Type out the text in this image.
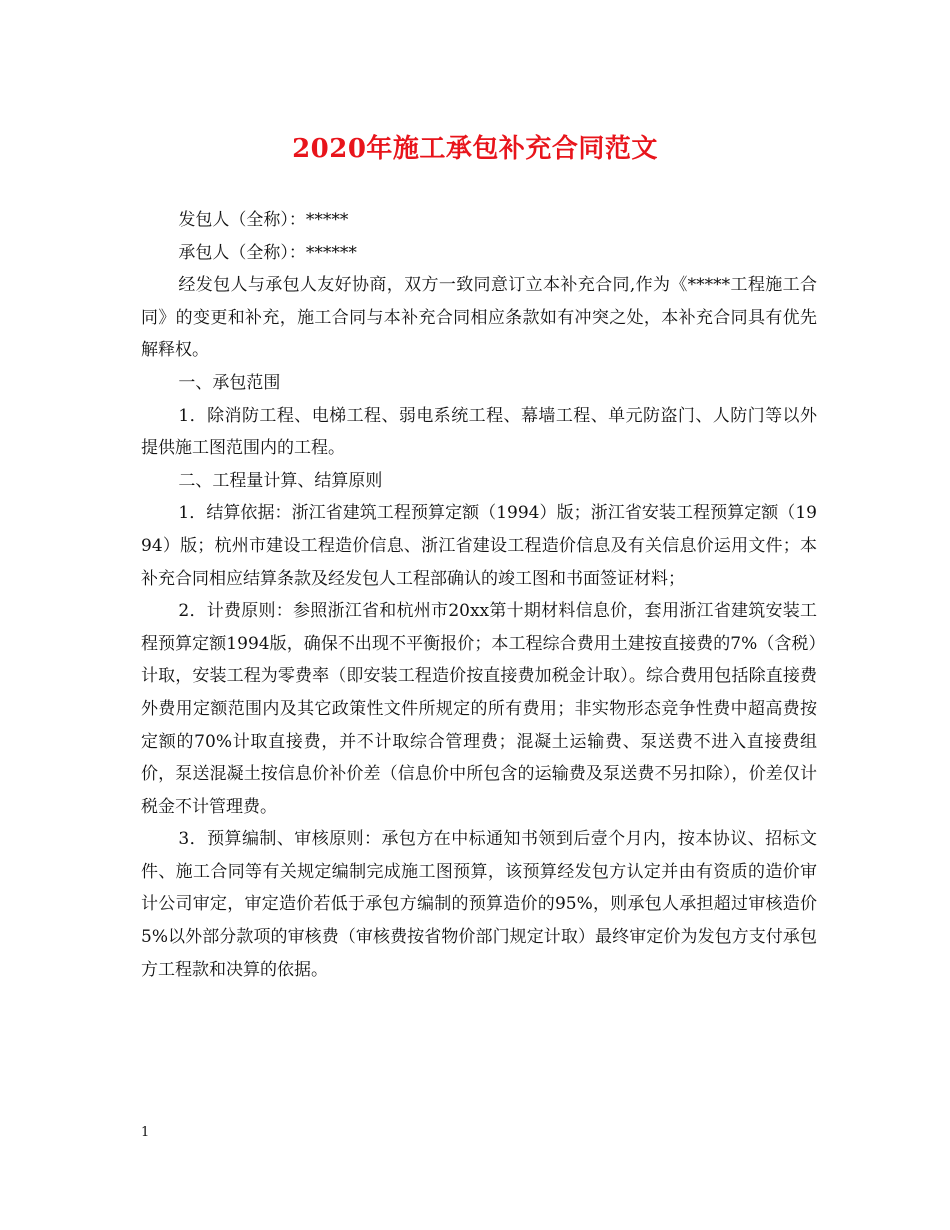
2020年施工承包补充合同范文

发包人（全称）：*****

承包人（全称）：******

经发包人与承包人友好协商，双方一致同意订立本补充合同,作为《*****工程施工合同》的变更和补充，施工合同与本补充合同相应条款如有冲突之处，本补充合同具有优先解释权。

一、承包范围

1．除消防工程、电梯工程、弱电系统工程、幕墙工程、单元防盗门、人防门等以外提供施工图范围内的工程。

二、工程量计算、结算原则

1．结算依据：浙江省建筑工程预算定额（1994）版；浙江省安装工程预算定额（1994）版；杭州市建设工程造价信息、浙江省建设工程造价信息及有关信息价运用文件；本补充合同相应结算条款及经发包人工程部确认的竣工图和书面签证材料；

2．计费原则：参照浙江省和杭州市20xx第十期材料信息价，套用浙江省建筑安装工程预算定额1994版，确保不出现不平衡报价；本工程综合费用土建按直接费的7%（含税）计取，安装工程为零费率（即安装工程造价按直接费加税金计取）。综合费用包括除直接费外费用定额范围内及其它政策性文件所规定的所有费用；非实物形态竞争性费中超高费按定额的70%计取直接费，并不计取综合管理费；混凝土运输费、泵送费不进入直接费组价，泵送混凝土按信息价补价差（信息价中所包含的运输费及泵送费不另扣除），价差仅计税金不计管理费。

3．预算编制、审核原则：承包方在中标通知书领到后壹个月内，按本协议、招标文件、施工合同等有关规定编制完成施工图预算，该预算经发包方认定并由有资质的造价审计公司审定，审定造价若低于承包方编制的预算造价的95%，则承包人承担超过审核造价5%以外部分款项的审核费（审核费按省物价部门规定计取）最终审定价为发包方支付承包方工程款和决算的依据。

1
